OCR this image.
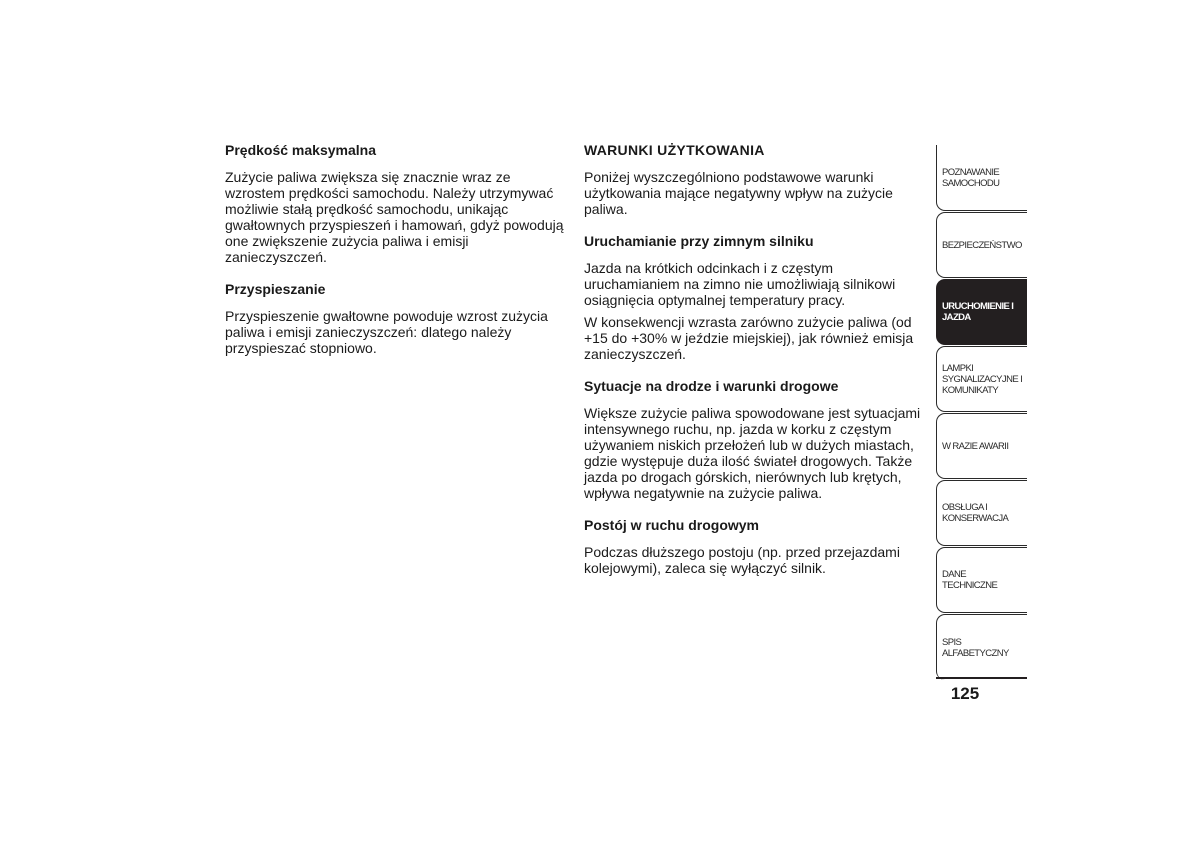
Prędkość maksymalna

Zużycie paliwa zwiększa się znacznie wraz ze wzrostem prędkości samochodu. Należy utrzymywać możliwie stałą prędkość samochodu, unikając gwałtownych przyspieszeń i hamowań, gdyż powodują one zwiększenie zużycia paliwa i emisji zanieczyszczeń.

Przyspieszanie

Przyspieszenie gwałtowne powoduje wzrost zużycia paliwa i emisji zanieczyszczeń: dlatego należy przyspieszać stopniowo.

WARUNKI UŻYTKOWANIA

Poniżej wyszczególniono podstawowe warunki użytkowania mające negatywny wpływ na zużycie paliwa.

Uruchamianie przy zimnym silniku

Jazda na krótkich odcinkach i z częstym uruchamianiem na zimno nie umożliwiają silnikowi osiągnięcia optymalnej temperatury pracy.

W konsekwencji wzrasta zarówno zużycie paliwa (od +15 do +30% w jeździe miejskiej), jak również emisja zanieczyszczeń.

Sytuacje na drodze i warunki drogowe

Większe zużycie paliwa spowodowane jest sytuacjami intensywnego ruchu, np. jazda w korku z częstym używaniem niskich przełożeń lub w dużych miastach, gdzie występuje duża ilość świateł drogowych. Także jazda po drogach górskich, nierównych lub krętych, wpływa negatywnie na zużycie paliwa.

Postój w ruchu drogowym

Podczas dłuższego postoju (np. przed przejazdami kolejowymi), zaleca się wyłączyć silnik.

POZNAWANIE SAMOCHODU
BEZPIECZEŃSTWO
URUCHOMIENIE I JAZDA
LAMPKI SYGNALIZACYJNE I KOMUNIKATY
W RAZIE AWARII
OBSŁUGA I KONSERWACJA
DANE TECHNICZNE
SPIS ALFABETYCZNY
125
